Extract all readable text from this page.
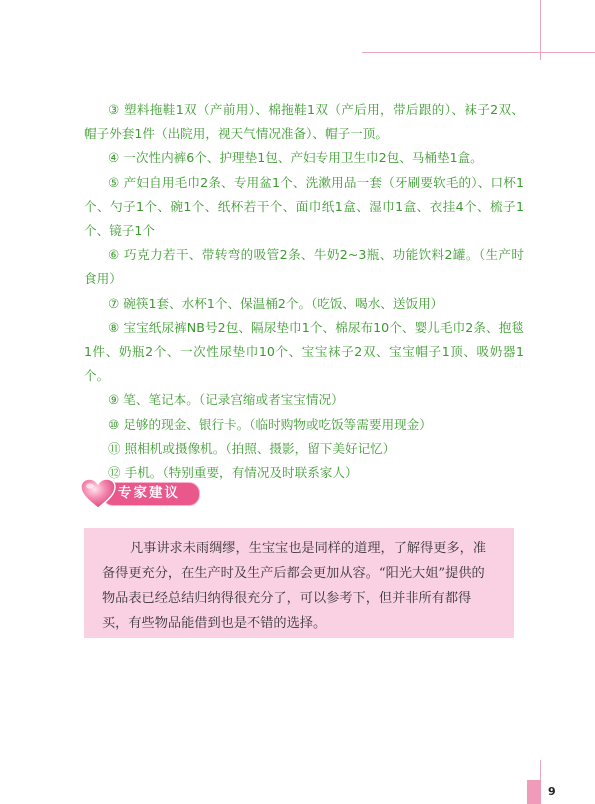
③ 塑料拖鞋1双（产前用）、棉拖鞋1双（产后用，带后跟的）、袜子2双、帽子外套1件（出院用，视天气情况准备）、帽子一顶。

④ 一次性内裤6个、护理垫1包、产妇专用卫生巾2包、马桶垫1盒。

⑤ 产妇自用毛巾2条、专用盆1个、洗漱用品一套（牙刷要软毛的）、口杯1个、勺子1个、碗1个、纸杯若干个、面巾纸1盒、湿巾1盒、衣挂4个、梳子1个、镜子1个

⑥ 巧克力若干、带转弯的吸管2条、牛奶2~3瓶、功能饮料2罐。（生产时食用）

⑦ 碗筷1套、水杯1个、保温桶2个。（吃饭、喝水、送饭用）

⑧ 宝宝纸尿裤NB号2包、隔尿垫巾1个、棉尿布10个、婴儿毛巾2条、抱毯1件、奶瓶2个、一次性尿垫巾10个、宝宝袜子2双、宝宝帽子1顶、吸奶器1个。

⑨ 笔、笔记本。（记录宫缩或者宝宝情况）

⑩ 足够的现金、银行卡。（临时购物或吃饭等需要用现金）

⑪ 照相机或摄像机。（拍照、摄影，留下美好记忆）

⑫ 手机。（特别重要，有情况及时联系家人）

专家建议

凡事讲求未雨绸缪，生宝宝也是同样的道理，了解得更多，准备得更充分，在生产时及生产后都会更加从容。“阳光大姐”提供的物品表已经总结归纳得很充分了，可以参考下，但并非所有都得买，有些物品能借到也是不错的选择。

9
